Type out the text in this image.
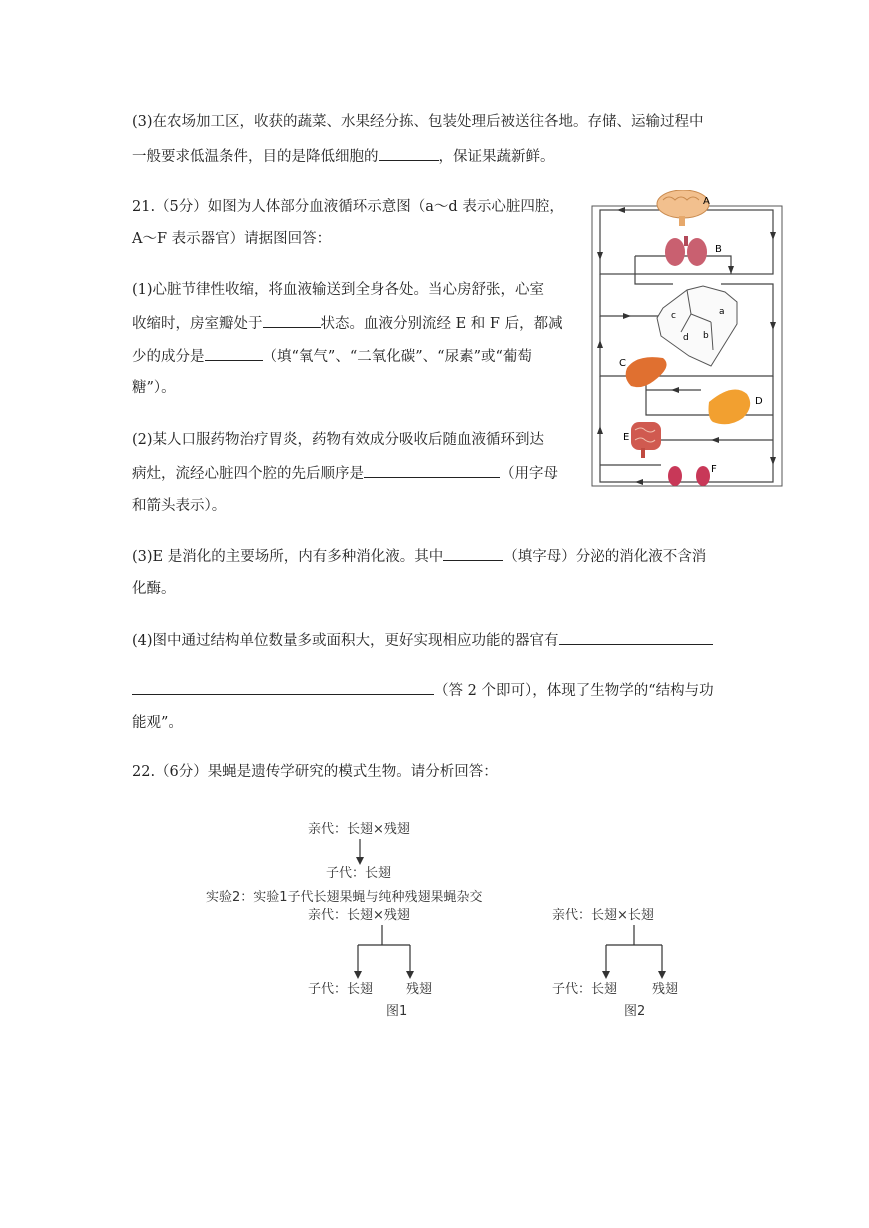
(3)在农场加工区，收获的蔬菜、水果经分拣、包装处理后被送往各地。存储、运输过程中
一般要求低温条件，目的是降低细胞的	，保证果蔬新鲜。
21.（5分）如图为人体部分血液循环示意图（a～d 表示心脏四腔，
A～F 表示器官）请据图回答：
(1)心脏节律性收缩，将血液输送到全身各处。当心房舒张，心室
收缩时，房室瓣处于	状态。血液分别流经 E 和 F 后，都减
少的成分是	（填“氧气”、“二氧化碳”、“尿素”或“葡萄
糖”）。
(2)某人口服药物治疗胃炎，药物有效成分吸收后随血液循环到达
病灶，流经心脏四个腔的先后顺序是	（用字母
和箭头表示）。
(3)E 是消化的主要场所，内有多种消化液。其中	（填字母）分泌的消化液不含消
化酶。
(4)图中通过结构单位数量多或面积大，更好实现相应功能的器官有
（答 2 个即可），体现了生物学的“结构与功
能观”。
A
B
a
b
c
d
C
D
E
F
22.（6分）果蝇是遗传学研究的模式生物。请分析回答：
亲代：长翅×残翅
子代：长翅
实验2：实验1子代长翅果蝇与纯种残翅果蝇杂交
亲代：长翅×残翅
子代：长翅	残翅
图1
亲代：长翅×长翅
子代：长翅	残翅
图2
